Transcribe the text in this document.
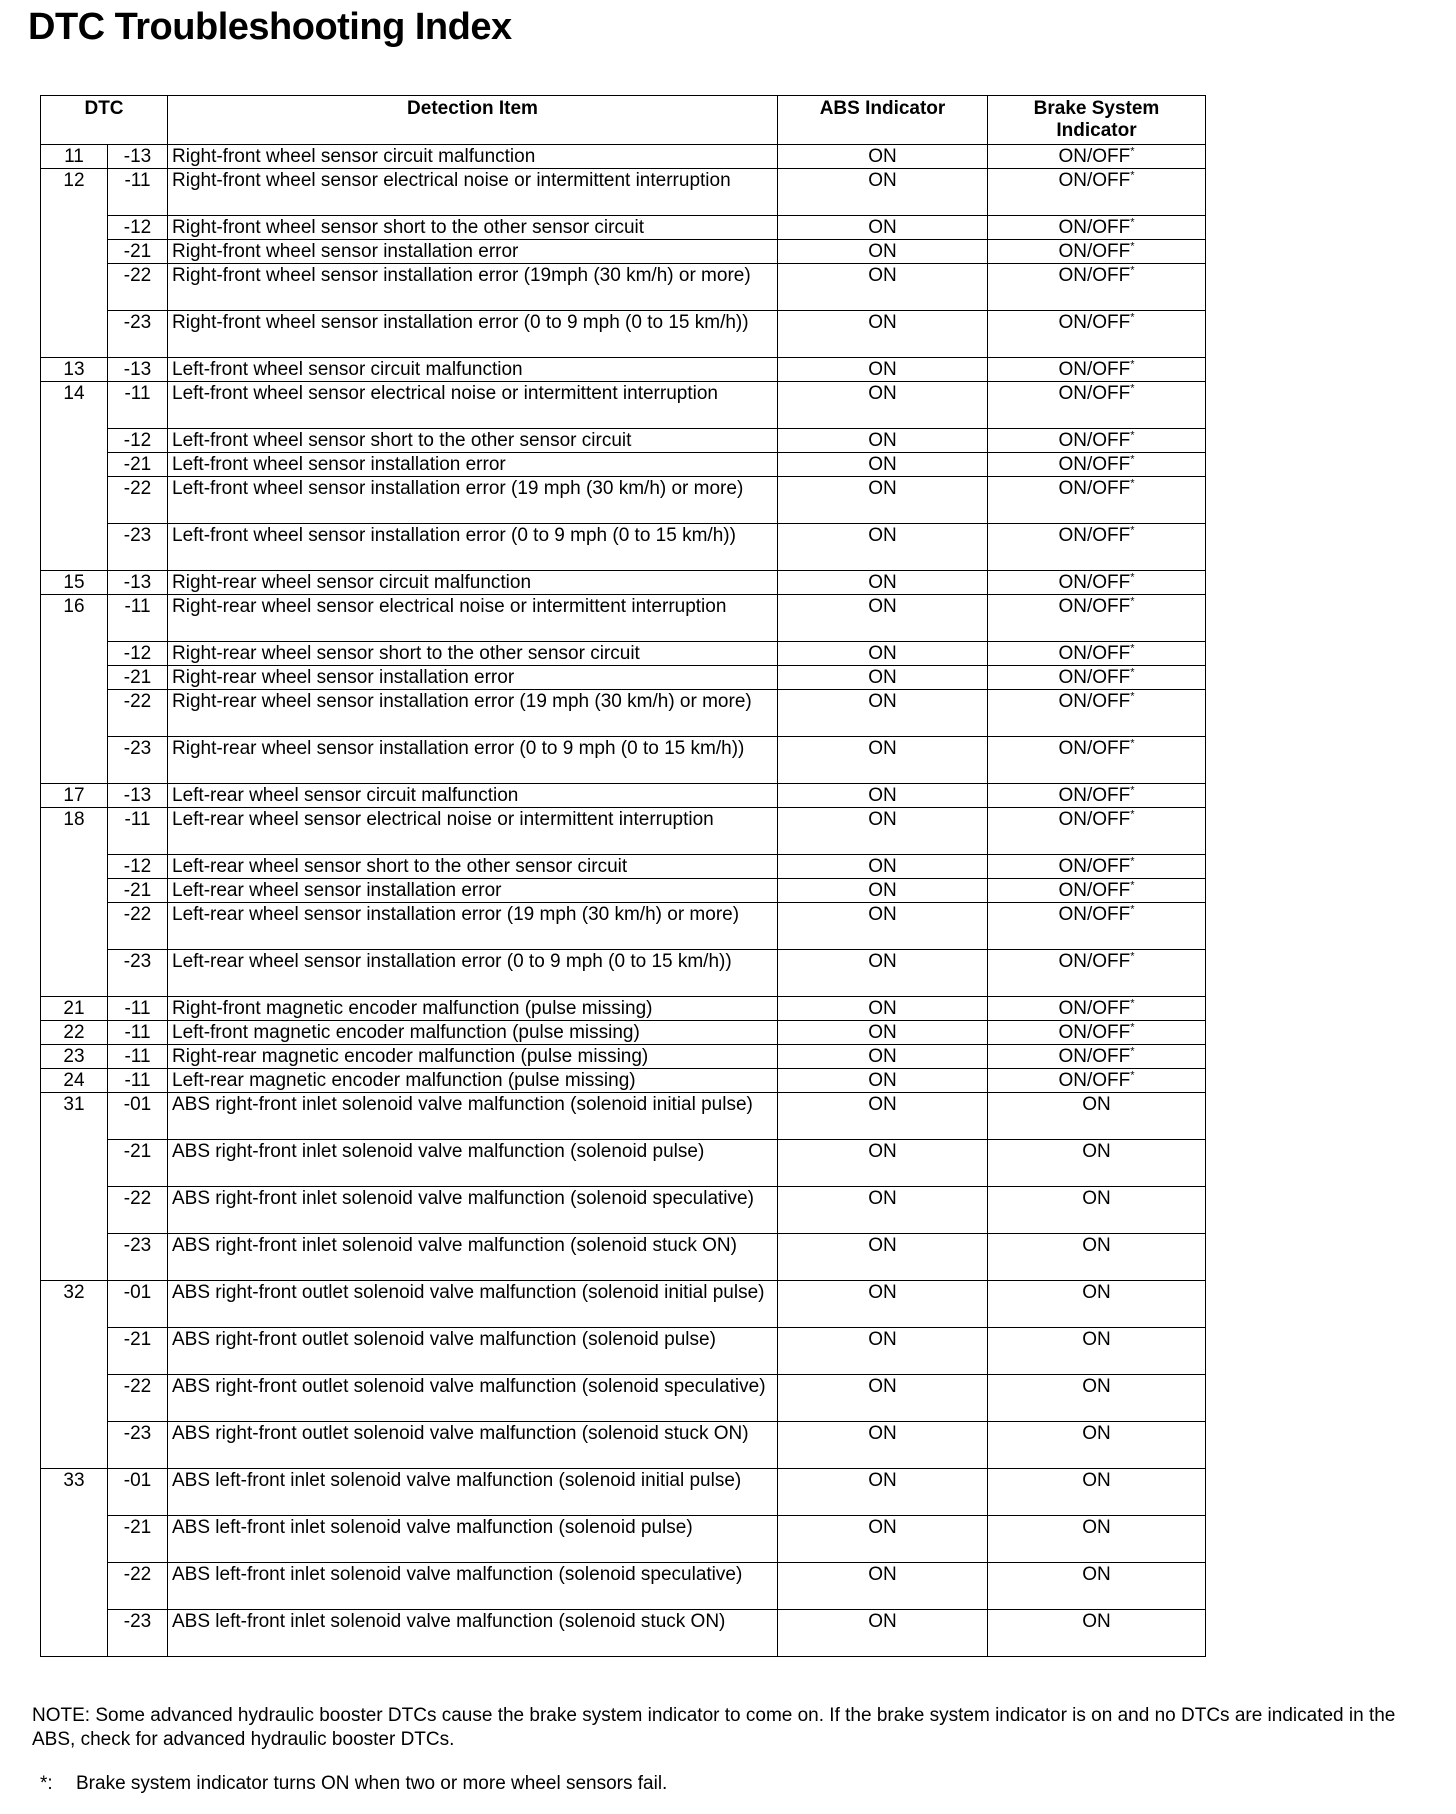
DTC Troubleshooting Index
DTC		Detection Item	ABS Indicator	Brake System Indicator
11	-13	Right-front wheel sensor circuit malfunction	ON	ON/OFF*
12	-11	Right-front wheel sensor electrical noise or intermittent interruption	ON	ON/OFF*
	-12	Right-front wheel sensor short to the other sensor circuit	ON	ON/OFF*
	-21	Right-front wheel sensor installation error	ON	ON/OFF*
	-22	Right-front wheel sensor installation error (19mph (30 km/h) or more)	ON	ON/OFF*
	-23	Right-front wheel sensor installation error (0 to 9 mph (0 to 15 km/h))	ON	ON/OFF*
13	-13	Left-front wheel sensor circuit malfunction	ON	ON/OFF*
14	-11	Left-front wheel sensor electrical noise or intermittent interruption	ON	ON/OFF*
	-12	Left-front wheel sensor short to the other sensor circuit	ON	ON/OFF*
	-21	Left-front wheel sensor installation error	ON	ON/OFF*
	-22	Left-front wheel sensor installation error (19 mph (30 km/h) or more)	ON	ON/OFF*
	-23	Left-front wheel sensor installation error (0 to 9 mph (0 to 15 km/h))	ON	ON/OFF*
15	-13	Right-rear wheel sensor circuit malfunction	ON	ON/OFF*
16	-11	Right-rear wheel sensor electrical noise or intermittent interruption	ON	ON/OFF*
	-12	Right-rear wheel sensor short to the other sensor circuit	ON	ON/OFF*
	-21	Right-rear wheel sensor installation error	ON	ON/OFF*
	-22	Right-rear wheel sensor installation error (19 mph (30 km/h) or more)	ON	ON/OFF*
	-23	Right-rear wheel sensor installation error (0 to 9 mph (0 to 15 km/h))	ON	ON/OFF*
17	-13	Left-rear wheel sensor circuit malfunction	ON	ON/OFF*
18	-11	Left-rear wheel sensor electrical noise or intermittent interruption	ON	ON/OFF*
	-12	Left-rear wheel sensor short to the other sensor circuit	ON	ON/OFF*
	-21	Left-rear wheel sensor installation error	ON	ON/OFF*
	-22	Left-rear wheel sensor installation error (19 mph (30 km/h) or more)	ON	ON/OFF*
	-23	Left-rear wheel sensor installation error (0 to 9 mph (0 to 15 km/h))	ON	ON/OFF*
21	-11	Right-front magnetic encoder malfunction (pulse missing)	ON	ON/OFF*
22	-11	Left-front magnetic encoder malfunction (pulse missing)	ON	ON/OFF*
23	-11	Right-rear magnetic encoder malfunction (pulse missing)	ON	ON/OFF*
24	-11	Left-rear magnetic encoder malfunction (pulse missing)	ON	ON/OFF*
31	-01	ABS right-front inlet solenoid valve malfunction (solenoid initial pulse)	ON	ON
	-21	ABS right-front inlet solenoid valve malfunction (solenoid pulse)	ON	ON
	-22	ABS right-front inlet solenoid valve malfunction (solenoid speculative)	ON	ON
	-23	ABS right-front inlet solenoid valve malfunction (solenoid stuck ON)	ON	ON
32	-01	ABS right-front outlet solenoid valve malfunction (solenoid initial pulse)	ON	ON
	-21	ABS right-front outlet solenoid valve malfunction (solenoid pulse)	ON	ON
	-22	ABS right-front outlet solenoid valve malfunction (solenoid speculative)	ON	ON
	-23	ABS right-front outlet solenoid valve malfunction (solenoid stuck ON)	ON	ON
33	-01	ABS left-front inlet solenoid valve malfunction (solenoid initial pulse)	ON	ON
	-21	ABS left-front inlet solenoid valve malfunction (solenoid pulse)	ON	ON
	-22	ABS left-front inlet solenoid valve malfunction (solenoid speculative)	ON	ON
	-23	ABS left-front inlet solenoid valve malfunction (solenoid stuck ON)	ON	ON

NOTE: Some advanced hydraulic booster DTCs cause the brake system indicator to come on. If the brake system indicator is on and no DTCs are indicated in the ABS, check for advanced hydraulic booster DTCs.

*: Brake system indicator turns ON when two or more wheel sensors fail.
